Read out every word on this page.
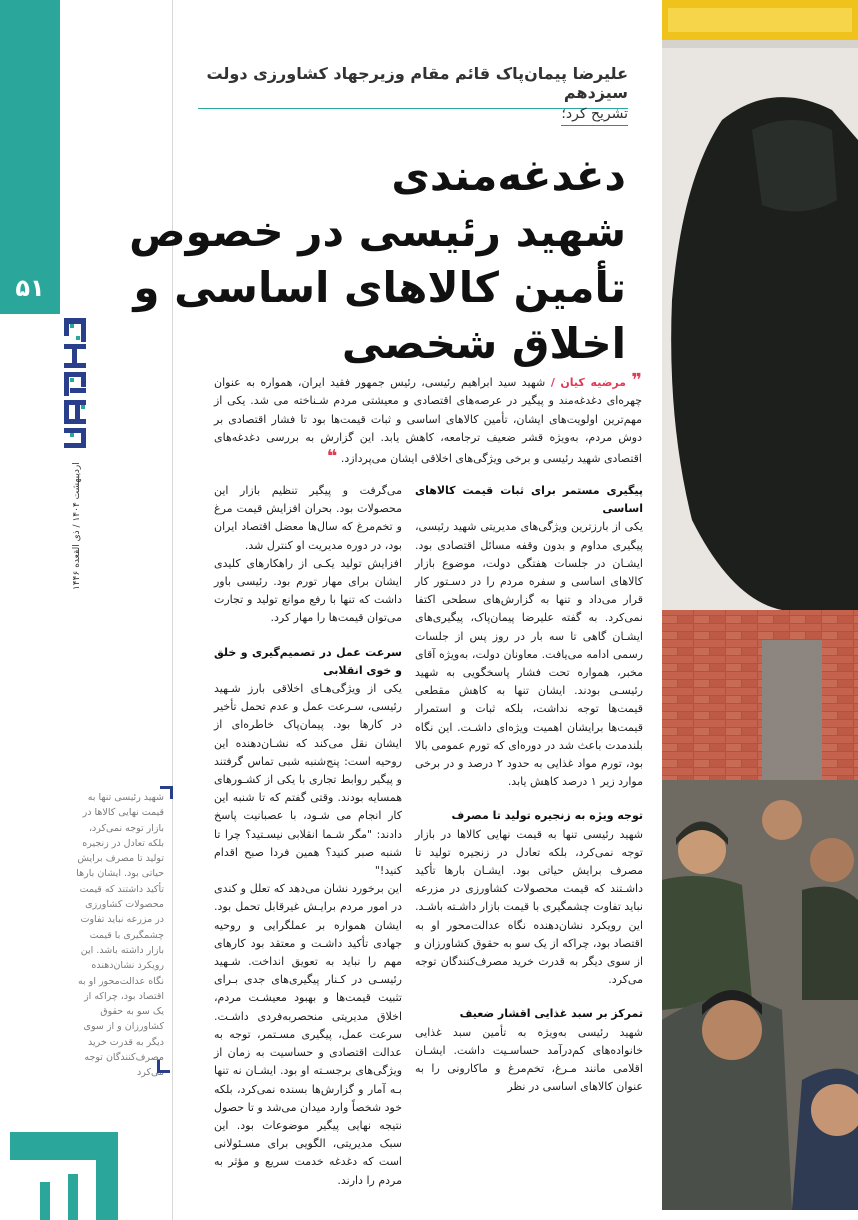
۵۱
اردیبهشت ۱۴۰۴ / ذی القعده ۱۴۴۶
علیرضا پیمان‌پاک قائم مقام وزیرجهاد کشاورزی دولت سیزدهم
تشریح کرد؛
دغدغه‌مندی
شهید رئیسی در خصوص
تأمین کالاهای اساسی و
اخلاق شخصی
❞ مرضیه کیان / شهید سید ابراهیم رئیسی، رئیس جمهور فقید ایران، همواره به عنوان چهره‌ای دغدغه‌مند و پیگیر در عرصه‌های اقتصادی و معیشتی مردم شـناخته می‌ شد. یکی از مهم‌ترین اولویت‌های ایشان، تأمین کالاهای اساسی و ثبات قیمت‌ها بود تا فشار اقتصادی بر دوش مردم، به‌ویژه قشر ضعیف ترجامعه، کاهش یابد. این گزارش به بررسی دغدغه‌های اقتصادی شهید رئیسی و برخی ویژگی‌های اخلاقی ایشان می‌پردازد. ❝
پیگیری مستمر برای ثبات قیمت کالاهای اساسی

یکی از بارزترین ویژگی‌های مدیریتی شهید رئیسی، پیگیری مداوم و بدون وقفه مسائل اقتصادی بود. ایشـان در جلسات هفتگی دولت، موضوع بازار کالاهای اساسی و سفره مردم را در دسـتور کار قرار می‌داد و تنها به گزارش‌های سطحی اکتفا نمی‌کرد. به گفته علیرضا پیمان‌پاک، پیگیری‌های ایشـان گاهی تا سه بار در روز پس از جلسات رسمی ادامه می‌یافت. معاونان دولت، به‌ویژه آقای مخبر، همواره تحت فشار پاسخگویی به شهید رئیسـی بودند. ایشان تنها به کاهش مقطعی قیمت‌ها توجه نداشت، بلکه ثبات و استمرار قیمت‌ها برایشان اهمیت ویژه‌ای داشـت. این نگاه بلندمدت باعث شد در دوره‌ای که تورم عمومی بالا بود، تورم مواد غذایی به حدود ۲ درصد و در برخی موارد زیر ۱ درصد کاهش یابد.

توجه ویژه به زنجیره تولید تا مصرف

شهید رئیسی تنها به قیمت نهایی کالاها در بازار توجه نمی‌کرد، بلکه تعادل در زنجیره تولید تا مصرف برایش حیاتی بود. ایشـان بارها تأکید داشـتند که قیمت محصولات کشاورزی در مزرعه نباید تفاوت چشمگیری با قیمت بازار داشـته باشـد. این رویکرد نشان‌دهنده نگاه عدالت‌محور او به اقتصاد بود، چراکه از یک سو به حقوق کشاورزان و از سوی دیگر به قدرت خرید مصرف‌کنندگان توجه می‌کرد.

تمرکز بر سبد غذایی اقشار ضعیف

شهید رئیسی به‌ویژه به تأمین سبد غذایی خانواده‌های کم‌درآمد حساسـیت داشت. ایشـان اقلامی مانند مـرغ، تخم‌مرغ و ماکارونی را به عنوان کالاهای اساسی در نظر

می‌گرفت و پیگیر تنظیم بازار این محصولات بود. بحران افزایش قیمت مرغ و تخم‌مرغ که سال‌ها معضل اقتصاد ایران بود، در دوره مدیریت او کنترل شد.

افزایش تولید یکـی از راهکارهای کلیدی ایشان برای مهار تورم بود. رئیسی باور داشت که تنها با رفع موانع تولید و تجارت می‌توان قیمت‌ها را مهار کرد.

سرعت عمل در تصمیم‌گیری و خلق و خوی انقلابی

یکی از ویژگی‌هـای اخلاقی بارز شـهید رئیسی، سـرعت عمل و عدم تحمل تأخیر در کارها بود. پیمان‌پاک خاطره‌ای از ایشان نقل می‌کند که نشـان‌دهنده این روحیه است: پنج‌شنبه شبی تماس گرفتند و پیگیر روابط تجاری با یکی از کشـورهای همسایه بودند. وقتی گفتم که تا شنبه این کار انجام می‌ شـود، با عصبانیت پاسخ دادند: "مگر شـما انقلابی نیسـتید؟ چرا تا شنبه صبر کنید؟ همین فردا صبح اقدام کنید!"

این برخورد نشان می‌دهد که تعلل و کندی در امور مردم برایـش غیرقابل تحمل بود. ایشان همواره بر عملگرایی و روحیه جهادی تأکید داشـت و معتقد بود کارهای مهم را نباید به تعویق انداخت. شـهید رئیسـی در کـنار پیگیری‌های جدی بـرای تثبیت قیمت‌ها و بهبود معیشـت مردم، اخلاق مدیریتی منحصربه‌فردی داشـت. سرعت عمل، پیگیری مسـتمر، توجه به عدالت اقتصادی و حساسیت به زمان از ویژگی‌های برجسـته او بود. ایشـان نه تنها بـه آمار و گزارش‌ها بسنده نمی‌کرد، بلکه خود شخصاً وارد میدان می‌شد و تا حصول نتیجه نهایی پیگیر موضوعات بود. این سبک مدیریتی، الگویی برای مسـئولانی است که دغدغه خدمت سریع و مؤثر به مردم را دارند.

شهید رئیسی تنها به قیمت نهایی کالاها در بازار توجه نمی‌کرد، بلکه تعادل در زنجیره تولید تا مصرف برایش حیاتی بود. ایشان بارها تأکید داشتند که قیمت محصولات کشاورزی در مزرعه نباید تفاوت چشمگیری با قیمت بازار داشته باشد. این رویکرد نشان‌دهنده نگاه عدالت‌محور او به اقتصاد بود، چراکه از یک سو به حقوق کشاورزان و از سوی دیگر به قدرت خرید مصرف‌کنندگان توجه می‌کرد
